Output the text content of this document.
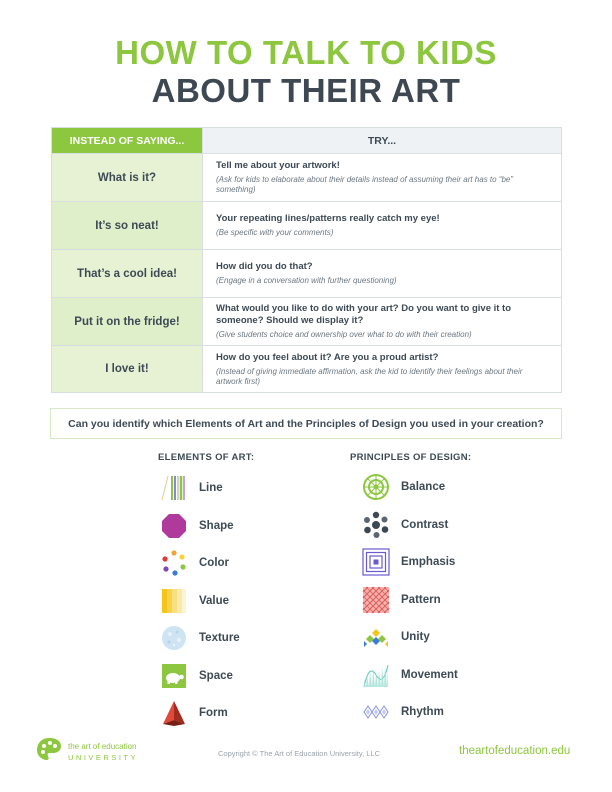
HOW TO TALK TO KIDS
ABOUT THEIR ART
INSTEAD OF SAYING...	TRY...
What is it?	Tell me about your artwork!
(Ask for kids to elaborate about their details instead of assuming their art has to “be” something)

It’s so neat!	Your repeating lines/patterns really catch my eye!
(Be specific with your comments)

That’s a cool idea!	How did you do that?
(Engage in a conversation with further questioning)

Put it on the fridge!	What would you like to do with your art? Do you want to give it to someone? Should we display it?
(Give students choice and ownership over what to do with their creation)

I love it!	How do you feel about it? Are you a proud artist?
(Instead of giving immediate affirmation, ask the kid to identify their feelings about their artwork first)
Can you identify which Elements of Art and the Principles of Design you used in your creation?
ELEMENTS OF ART:	PRINCIPLES OF DESIGN:
Line
Shape
Color
Value
Texture
Space
Form
Balance
Contrast
Emphasis
Pattern
Unity
Movement
Rhythm
the art of education
UNIVERSITY	Copyright © The Art of Education University, LLC	theartofeducation.edu
